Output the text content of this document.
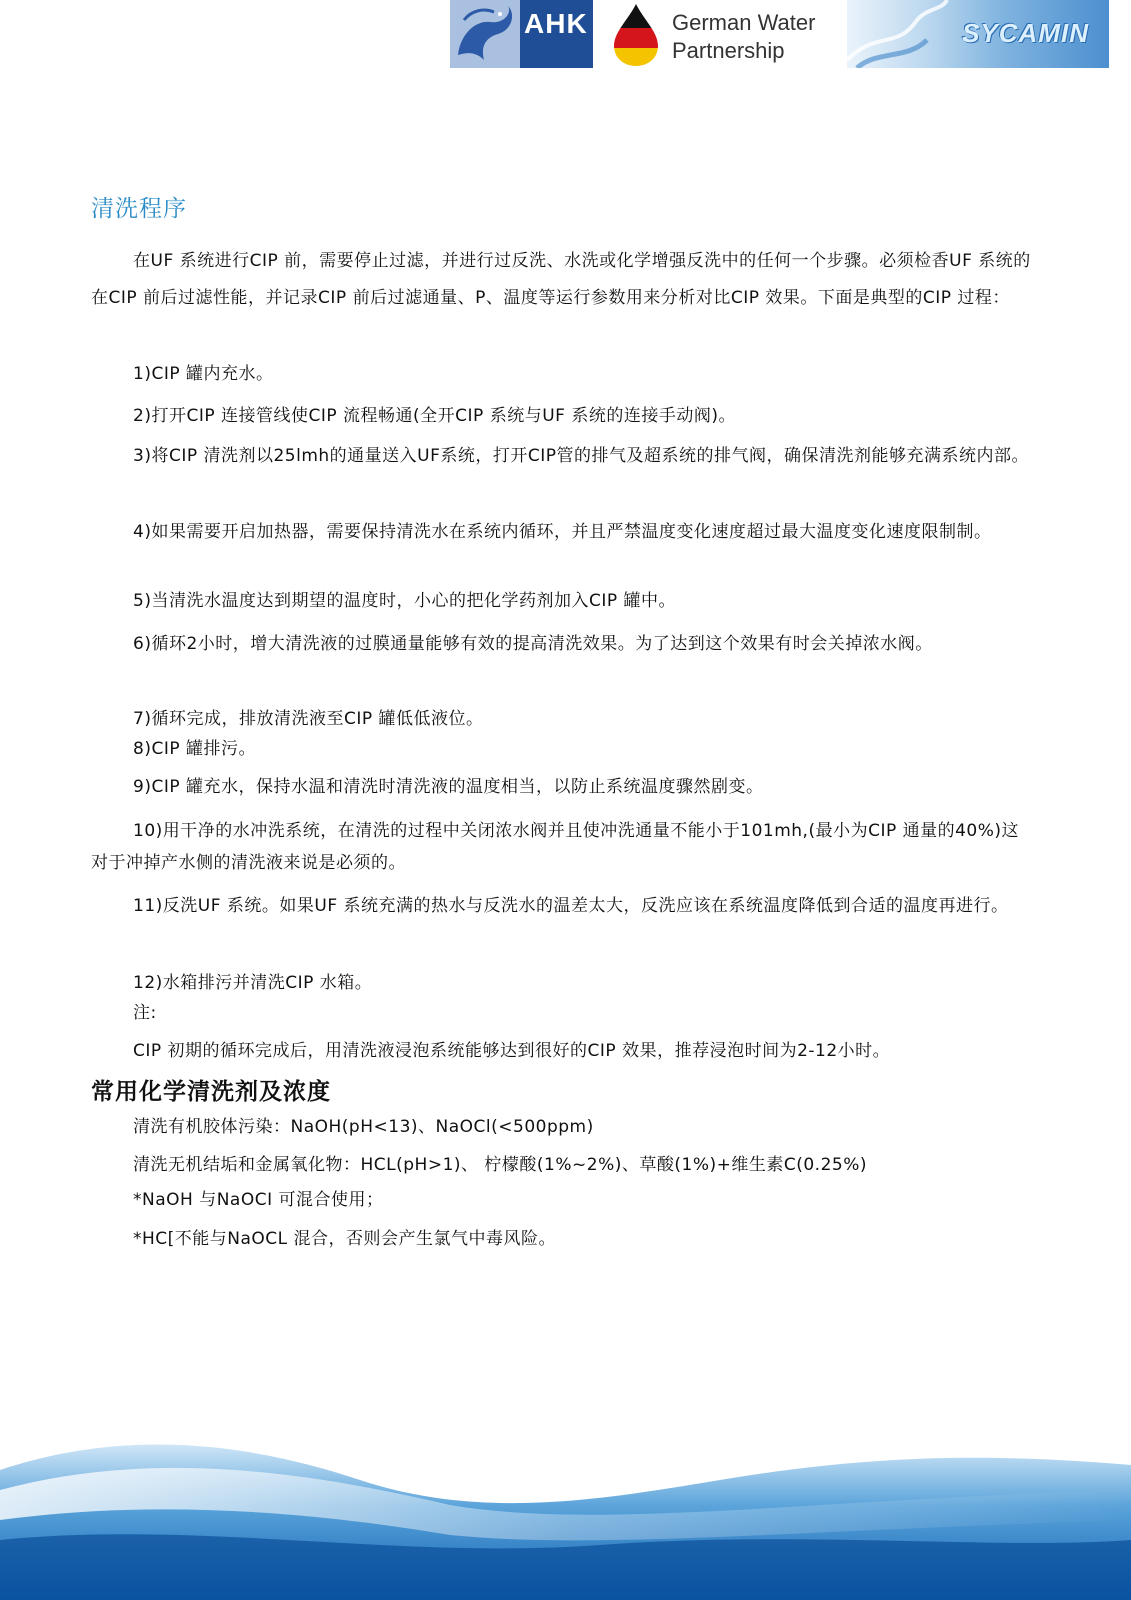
AHK	German Water
Partnership
SYCAMIN
清洗程序
在UF 系统进行CIP 前，需要停止过滤，并进行过反洗、水洗或化学增强反洗中的任何一个步骤。必须检香UF 系统的在CIP 前后过滤性能，并记录CIP 前后过滤通量、P、温度等运行参数用来分析对比CIP 效果。下面是典型的CIP 过程：
1)CIP 罐内充水。
2)打开CIP 连接管线使CIP 流程畅通(全开CIP 系统与UF 系统的连接手动阀)。
3)将CIP 清洗剂以25lmh的通量送入UF系统，打开CIP管的排气及超系统的排气阀，确保清洗剂能够充满系统内部。
4)如果需要开启加热器，需要保持清洗水在系统内循环，并且严禁温度变化速度超过最大温度变化速度限制制。
5)当清洗水温度达到期望的温度时，小心的把化学药剂加入CIP 罐中。
6)循环2小时，增大清洗液的过膜通量能够有效的提高清洗效果。为了达到这个效果有时会关掉浓水阀。
7)循环完成，排放清洗液至CIP 罐低低液位。
8)CIP 罐排污。
9)CIP 罐充水，保持水温和清洗时清洗液的温度相当，以防止系统温度骤然剧变。
10)用干净的水冲洗系统，在清洗的过程中关闭浓水阀并且使冲洗通量不能小于101mh,(最小为CIP 通量的40%)这对于冲掉产水侧的清洗液来说是必须的。
11)反洗UF 系统。如果UF 系统充满的热水与反洗水的温差太大，反洗应该在系统温度降低到合适的温度再进行。
12)水箱排污并清洗CIP 水箱。
注:
CIP 初期的循环完成后，用清洗液浸泡系统能够达到很好的CIP 效果，推荐浸泡时间为2-12小时。
常用化学清洗剂及浓度
清洗有机胶体污染：NaOH(pH<13)、NaOCl(<500ppm)
清洗无机结垢和金属氧化物：HCL(pH>1)、 柠檬酸(1%~2%)、草酸(1%)+维生素C(0.25%)
*NaOH 与NaOCI 可混合使用；
*HC[不能与NaOCL 混合，否则会产生氯气中毒风险。
